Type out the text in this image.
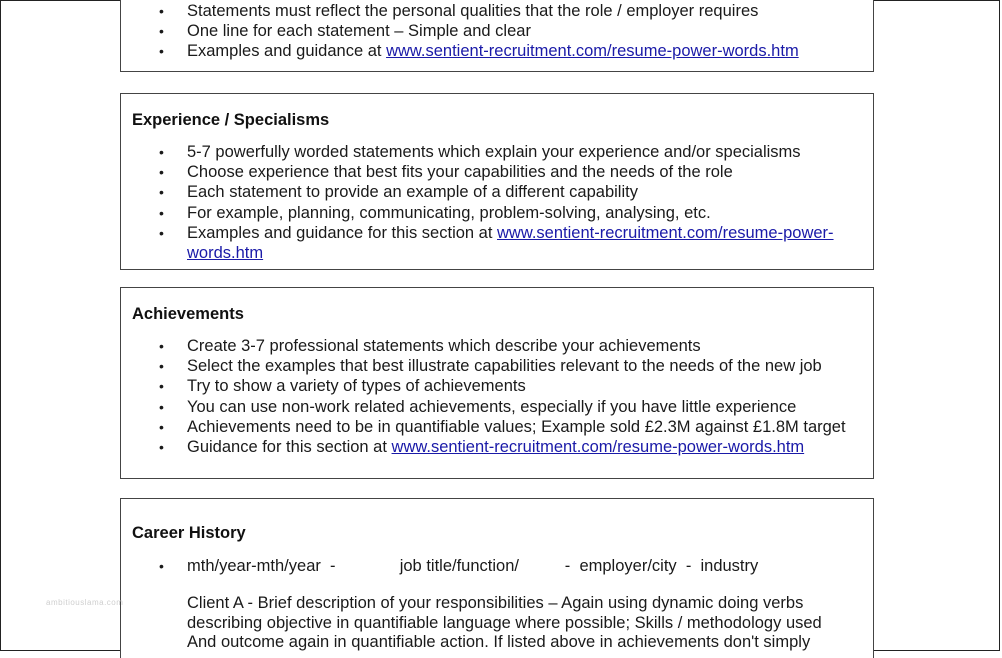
• Statements must reflect the personal qualities that the role / employer requires
• One line for each statement – Simple and clear
• Examples and guidance at www.sentient-recruitment.com/resume-power-words.htm
Experience / Specialisms
• 5-7 powerfully worded statements which explain your experience and/or specialisms
• Choose experience that best fits your capabilities and the needs of the role
• Each statement to provide an example of a different capability
• For example, planning, communicating, problem-solving, analysing, etc.
• Examples and guidance for this section at www.sentient-recruitment.com/resume-power-
words.htm
Achievements
• Create 3-7 professional statements which describe your achievements
• Select the examples that best illustrate capabilities relevant to the needs of the new job
• Try to show a variety of types of achievements
• You can use non-work related achievements, especially if you have little experience
• Achievements need to be in quantifiable values; Example sold £2.3M against £1.8M target
• Guidance for this section at www.sentient-recruitment.com/resume-power-words.htm
Career History
• mth/year-mth/year  -              job title/function/          -  employer/city  -  industry
Client A - Brief description of your responsibilities – Again using dynamic doing verbs
describing objective in quantifiable language where possible; Skills / methodology used
And outcome again in quantifiable action. If listed above in achievements don't simply
ambitiouslama.com
